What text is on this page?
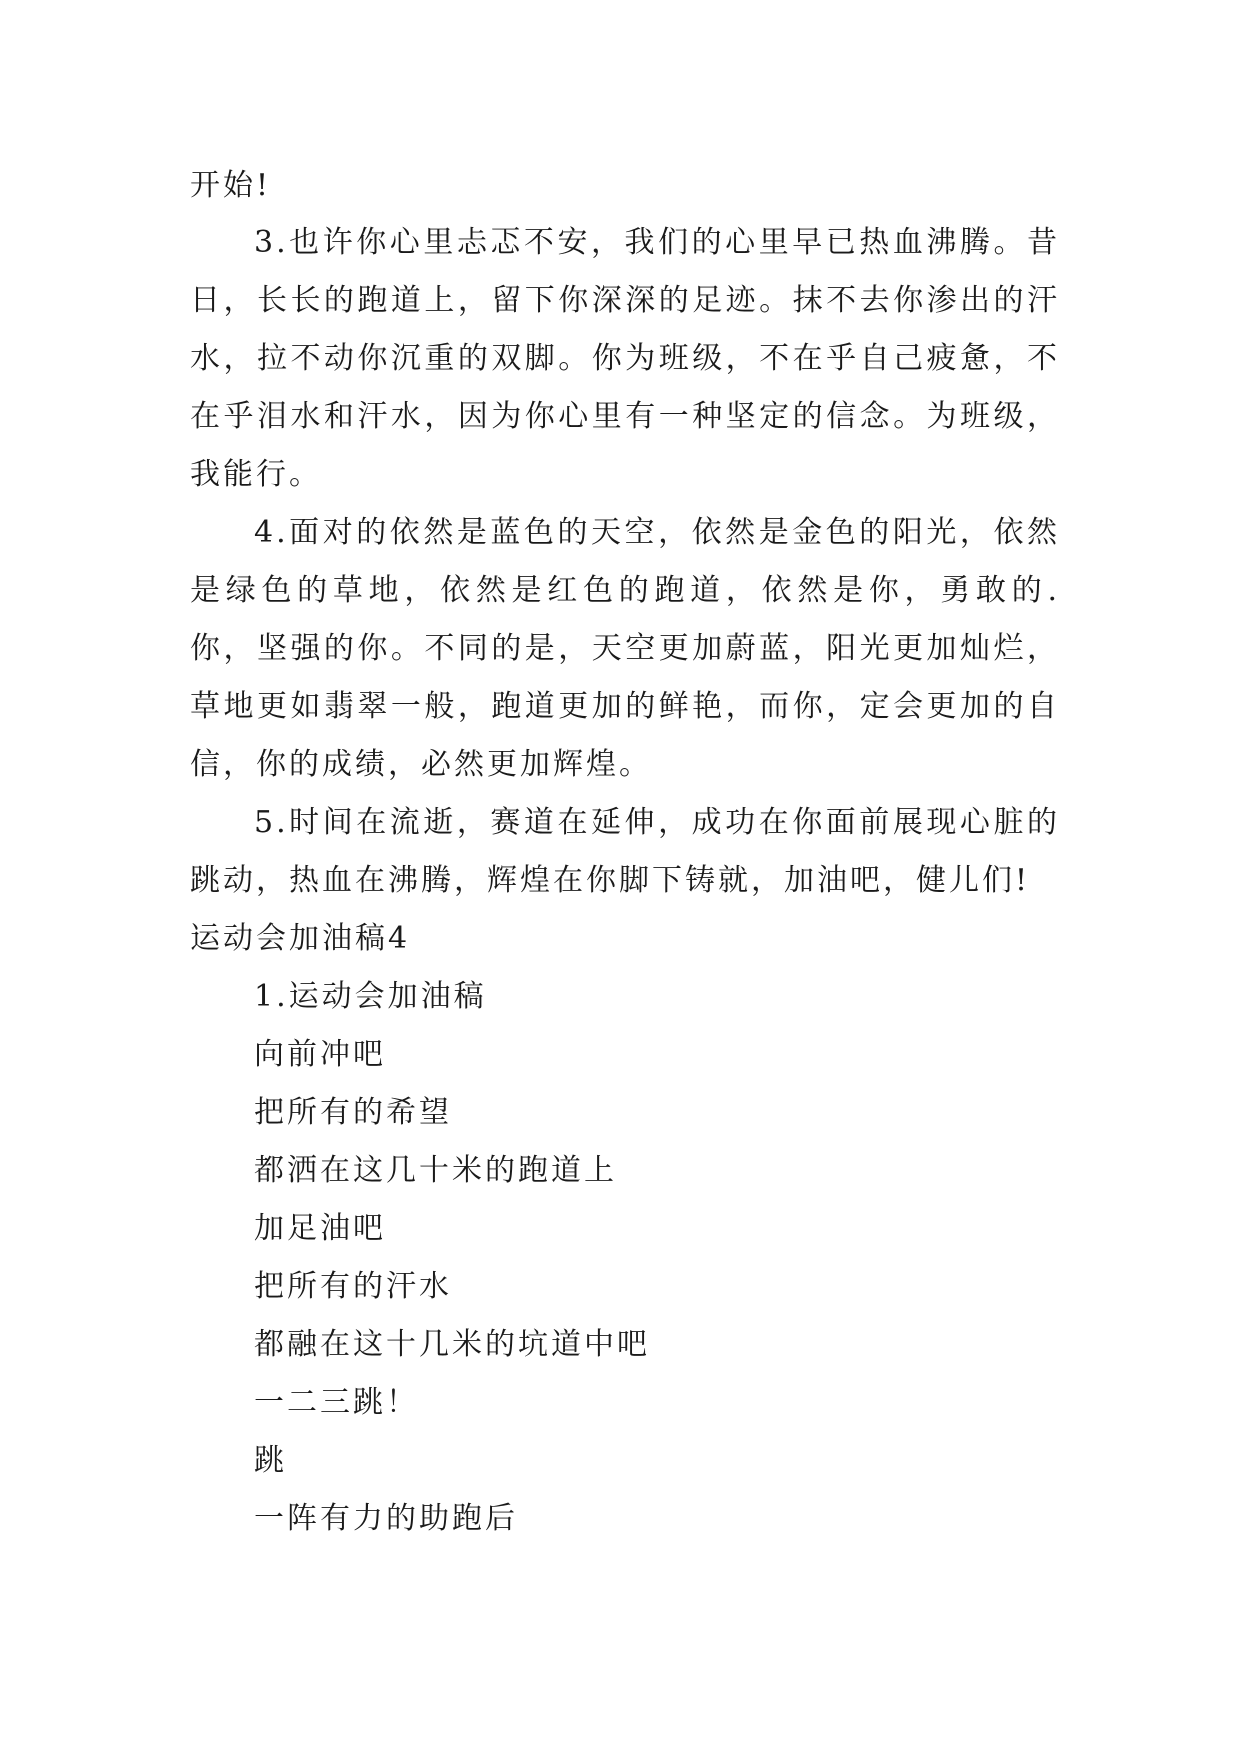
开始!

3.也许你心里忐忑不安，我们的心里早已热血沸腾。昔日，长长的跑道上，留下你深深的足迹。抹不去你渗出的汗水，拉不动你沉重的双脚。你为班级，不在乎自己疲惫，不在乎泪水和汗水，因为你心里有一种坚定的信念。为班级，我能行。

4.面对的依然是蓝色的天空，依然是金色的阳光，依然是绿色的草地，依然是红色的跑道，依然是你，勇敢的.你，坚强的你。不同的是，天空更加蔚蓝，阳光更加灿烂，草地更如翡翠一般，跑道更加的鲜艳，而你，定会更加的自信，你的成绩，必然更加辉煌。

5.时间在流逝，赛道在延伸，成功在你面前展现心脏的跳动，热血在沸腾，辉煌在你脚下铸就，加油吧，健儿们!

运动会加油稿4

1.运动会加油稿

向前冲吧

把所有的希望

都洒在这几十米的跑道上

加足油吧

把所有的汗水

都融在这十几米的坑道中吧

一二三跳！

跳

一阵有力的助跑后
